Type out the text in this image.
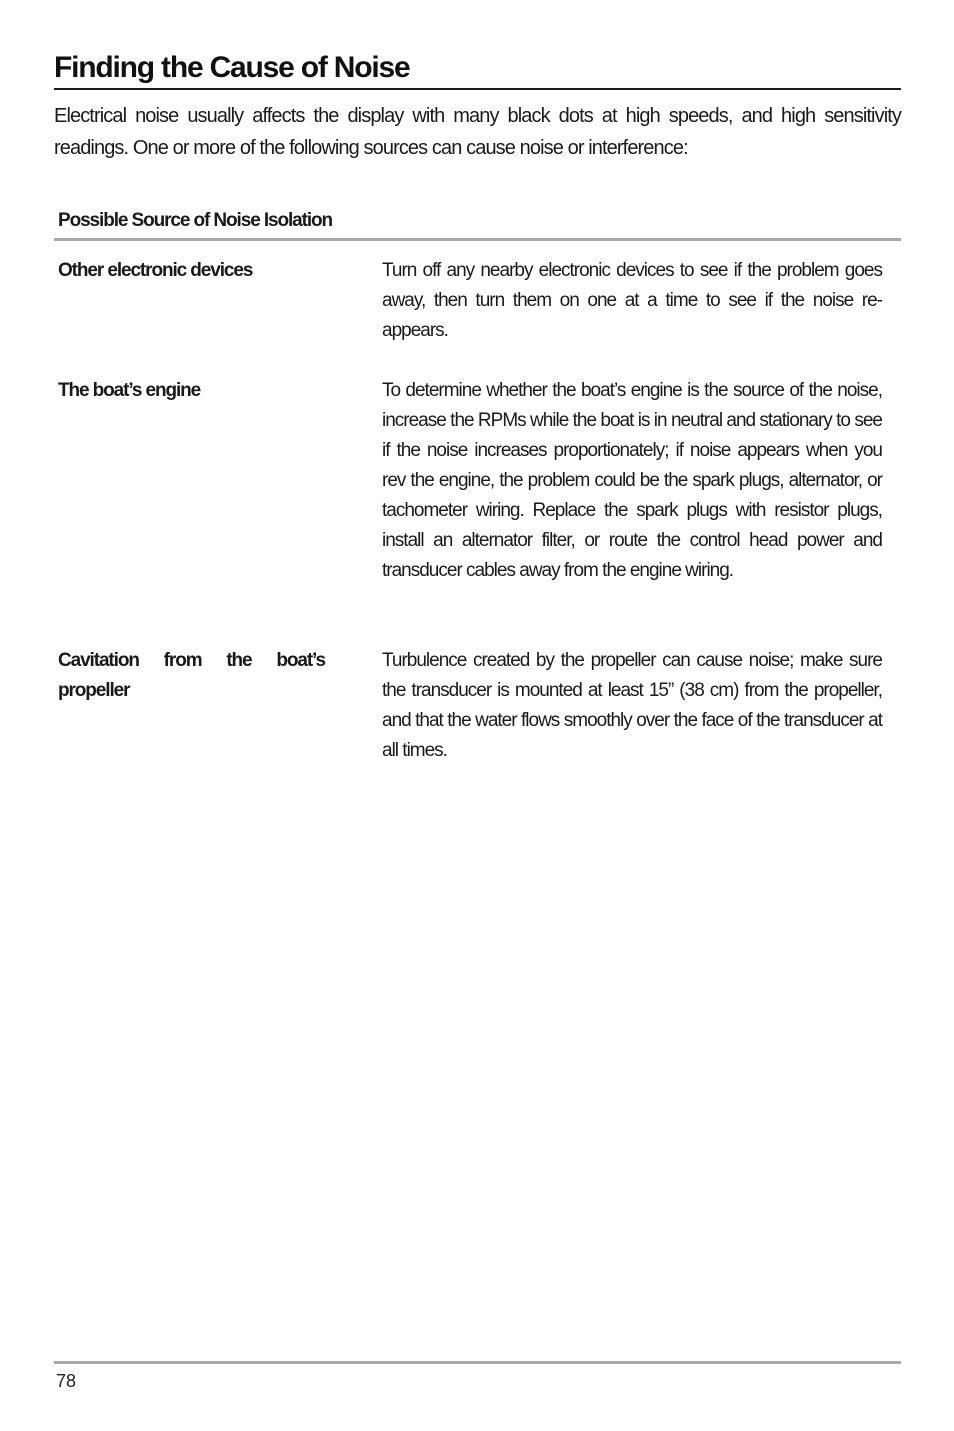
Finding the Cause of Noise

Electrical noise usually affects the display with many black dots at high speeds, and high sensitivity readings. One or more of the following sources can cause noise or interference:

Possible Source of Noise Isolation
Other electronic devices	Turn off any nearby electronic devices to see if the problem goes away, then turn them on one at a time to see if the noise re-appears.
The boat’s engine	To determine whether the boat’s engine is the source of the noise, increase the RPMs while the boat is in neutral and stationary to see if the noise increases proportionately; if noise appears when you rev the engine, the problem could be the spark plugs, alternator, or tachometer wiring. Replace the spark plugs with resistor plugs, install an alternator filter, or route the control head power and transducer cables away from the engine wiring.
Cavitation from the boat’s propeller
Turbulence created by the propeller can cause noise; make sure the transducer is mounted at least 15” (38 cm) from the propeller, and that the water flows smoothly over the face of the transducer at all times.
78
